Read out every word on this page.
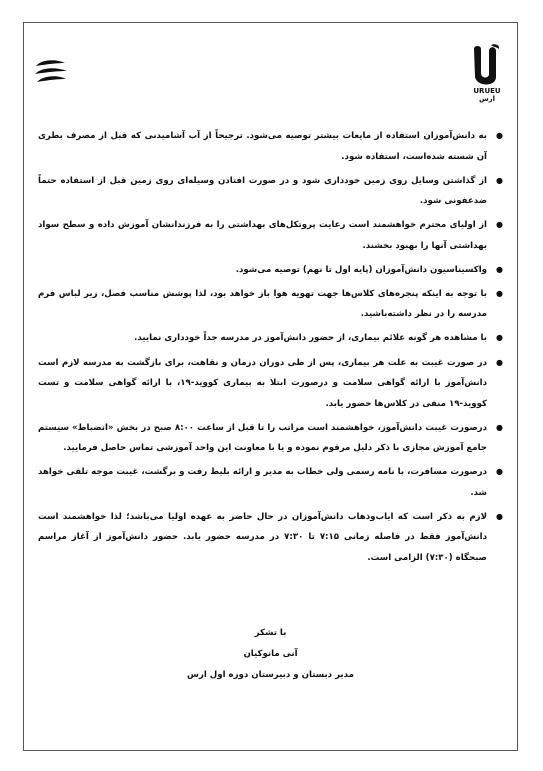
URUEU
ارس
●
به دانش‌آموزان استفاده از مایعات بیشتر توصیه می‌شود. ترجیحاً از آب آشامیدنی که قبل از مصرف بطری آن شسته شده‌است، استفاده شود.
●
از گذاشتن وسایل روی زمین خودداری شود و در صورت افتادن وسیله‌ای روی زمین قبل از استفاده حتماً ضدعفونی شود.
●
از اولیای محترم خواهشمند است رعایت پروتکل‌های بهداشتی را به فرزندانشان آموزش داده و سطح سواد بهداشتی آنها را بهبود بخشند.
●
واکسیناسیون دانش‌آموزان (پایه اول تا نهم) توصیه می‌شود.
●
با توجه به اینکه پنجره‌های کلاس‌ها جهت تهویه هوا باز خواهد بود، لذا پوشش مناسب فصل، زیر لباس فرم مدرسه را در نظر داشته‌باشید.
●
با مشاهده هر گونه علائم بیماری، از حضور دانش‌آموز در مدرسه جداً خودداری نمایید.
●
در صورت غیبت به علت هر بیماری، پس از طی دوران درمان و نقاهت، برای بازگشت به مدرسه لازم است دانش‌آموز با ارائه گواهی سلامت و درصورت ابتلا به بیماری کووید-۱۹، با ارائه گواهی سلامت و تست کووید-۱۹ منفی در کلاس‌ها حضور یابد.
●
درصورت غیبت دانش‌آموز، خواهشمند است مراتب را تا قبل از ساعت ۸:۰۰ صبح در بخش «انضباط» سیستم جامع آموزش مجازی با ذکر دلیل مرقوم نموده و یا با معاونت این واحد آموزشی تماس حاصل فرمایید.
●
درصورت مسافرت، با نامه رسمی ولی خطاب به مدیر و ارائه بلیط رفت و برگشت، غیبت موجه تلقی خواهد شد.
●
لازم به ذکر است که ایاب‌وذهاب دانش‌آموزان در حال حاضر به عهده اولیا می‌باشد؛ لذا خواهشمند است دانش‌آموز فقط در فاصله زمانی ۷:۱۵ تا ۷:۳۰ در مدرسه حضور یابد. حضور دانش‌آموز از آغاز مراسم صبحگاه (۷:۳۰) الزامی است.
با تشکر
آنی مانوکیان
مدیر دبستان و دبیرستان دوره اول ارس
